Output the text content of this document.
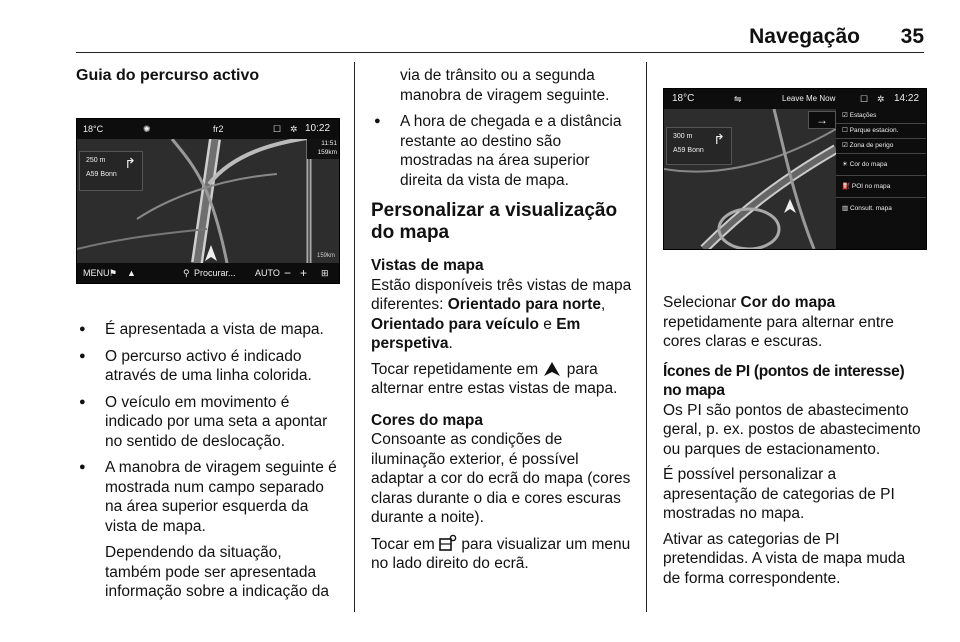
Navegação 35
Guia do percurso activo
18°C	✺	fr2	☐ ✲ 10:22
250 m
A59 Bonn
↱
11:51
159km
159km
MENU ⚑ ▲	⚲ Procurar... AUTO − + ⊞
● É apresentada a vista de mapa.
● O percurso activo é indicado através de uma linha colorida.
● O veículo em movimento é indicado por uma seta a apontar no sentido de deslocação.
● A manobra de viragem seguinte é mostrada num campo separado na área superior esquerda da vista de mapa.

Dependendo da situação, também pode ser apresentada informação sobre a indicação da

via de trânsito ou a segunda manobra de viragem seguinte.

● A hora de chegada e a distância restante ao destino são mostradas na área superior direita da vista de mapa.
Personalizar a visualização do mapa
Vistas de mapa

Estão disponíveis três vistas de mapa diferentes: Orientado para norte, Orientado para veículo e Em perspetiva.

Tocar repetidamente em  para alternar entre estas vistas de mapa.

Cores do mapa

Consoante as condições de iluminação exterior, é possível adaptar a cor do ecrã do mapa (cores claras durante o dia e cores escuras durante a noite).

Tocar em  para visualizar um menu no lado direito do ecrã.

18°C	⇋	Leave Me Now	☐ ✲ 14:22
300 m
A59 Bonn
↱
→	☑ Estações
☐ Parque estacion.
☑ Zona de perigo
☀ Cor do mapa
⛽ POI no mapa
▥ Consult. mapa

Selecionar Cor do mapa repetidamente para alternar entre cores claras e escuras.

Ícones de PI (pontos de interesse) no mapa

Os PI são pontos de abastecimento geral, p. ex. postos de abastecimento ou parques de estacionamento.

É possível personalizar a apresentação de categorias de PI mostradas no mapa.

Ativar as categorias de PI pretendidas. A vista de mapa muda de forma correspondente.
